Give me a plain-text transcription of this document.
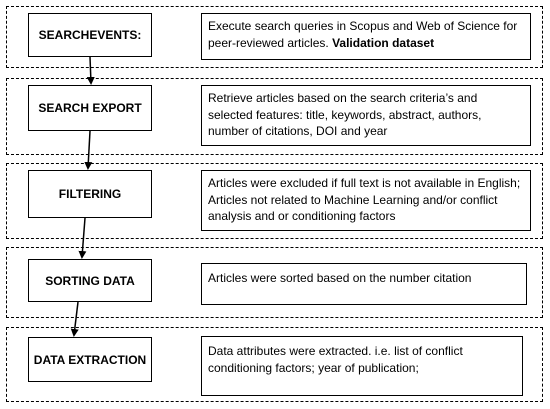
SEARCHEVENTS:
Execute search queries in Scopus and Web of Science for peer-reviewed articles. Validation dataset
SEARCH EXPORT
Retrieve articles based on the search criteria’s and selected features: title, keywords, abstract, authors, number of citations, DOI and year
FILTERING
Articles were excluded if full text is not available in English; Articles not related to Machine Learning and/or conflict analysis and or conditioning factors
SORTING DATA	Articles were sorted based on the number citation
DATA EXTRACTION
Data attributes were extracted. i.e. list of conflict conditioning factors; year of publication;
